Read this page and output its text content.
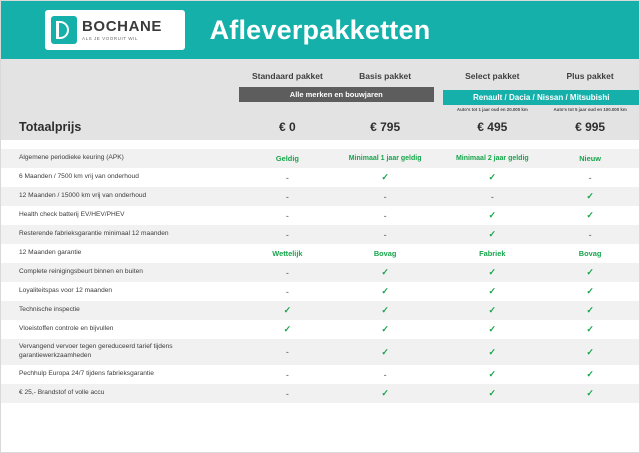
BOCHANE
ALS JE VOORUIT WIL	Afleverpakketten
	Standaard pakket	Basis pakket		Select pakket	Plus pakket

	Alle merken en bouwjaren			Renault / Dacia / Nissan / Mitsubishi
Auto's tot 1 jaar oud en 20.000 km Auto's tot 5 jaar oud en 100.000 km	

Totaalprijs	€ 0	€ 795		€ 495	€ 995

Algemene periodieke keuring (APK)	Geldig	Minimaal 1 jaar geldig		Minimaal 2 jaar geldig	Nieuw
6 Maanden / 7500 km vrij van onderhoud	-	✓		✓	-
12 Maanden / 15000 km vrij van onderhoud	-	-		-	✓
Health check batterij EV/HEV/PHEV	-	-		✓	✓
Resterende fabrieksgarantie minimaal 12 maanden	-	-		✓	-
12 Maanden garantie	Wettelijk	Bovag		Fabriek	Bovag
Complete reinigingsbeurt binnen en buiten	-	✓		✓	✓
Loyaliteitspas voor 12 maanden	-	✓		✓	✓
Technische inspectie	✓	✓		✓	✓
Vloeistoffen controle en bijvullen	✓	✓		✓	✓
Vervangend vervoer tegen gereduceerd tarief tijdens garantiewerkzaamheden	-	✓		✓	✓
Pechhulp Europa 24/7 tijdens fabrieksgarantie	-	-		✓	✓
€ 25,- Brandstof of volle accu	-	✓		✓	✓
